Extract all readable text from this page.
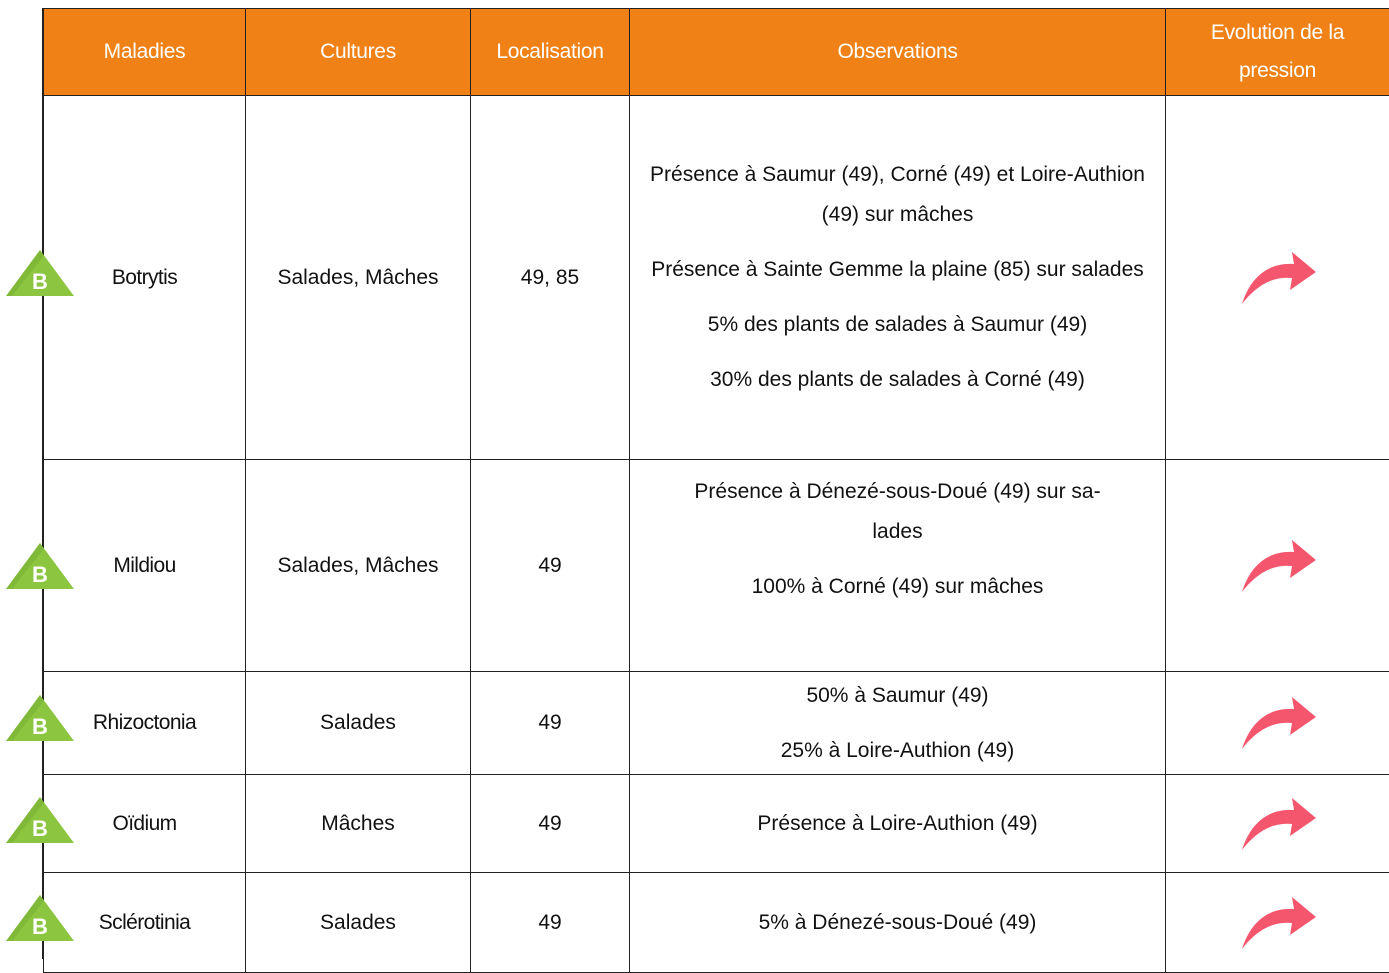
Maladies	Cultures	Localisation	Observations	Evolution de la pression
Botrytis	Salades, Mâches	49, 85	Présence à Saumur (49), Corné (49) et Loire-Authion (49) sur mâches
Présence à Sainte Gemme la plaine (85) sur salades
5% des plants de salades à Saumur (49)
30% des plants de salades à Corné (49)

Mildiou	Salades, Mâches	49	Présence à Dénezé-sous-Doué (49) sur sa-lades
100% à Corné (49) sur mâches

Rhizoctonia	Salades	49	50% à Saumur (49)
25% à Loire-Authion (49)

Oïdium	Mâches	49	Présence à Loire-Authion (49)

Sclérotinia	Salades	49	5% à Dénezé-sous-Doué (49)

B
B
B
B
B
